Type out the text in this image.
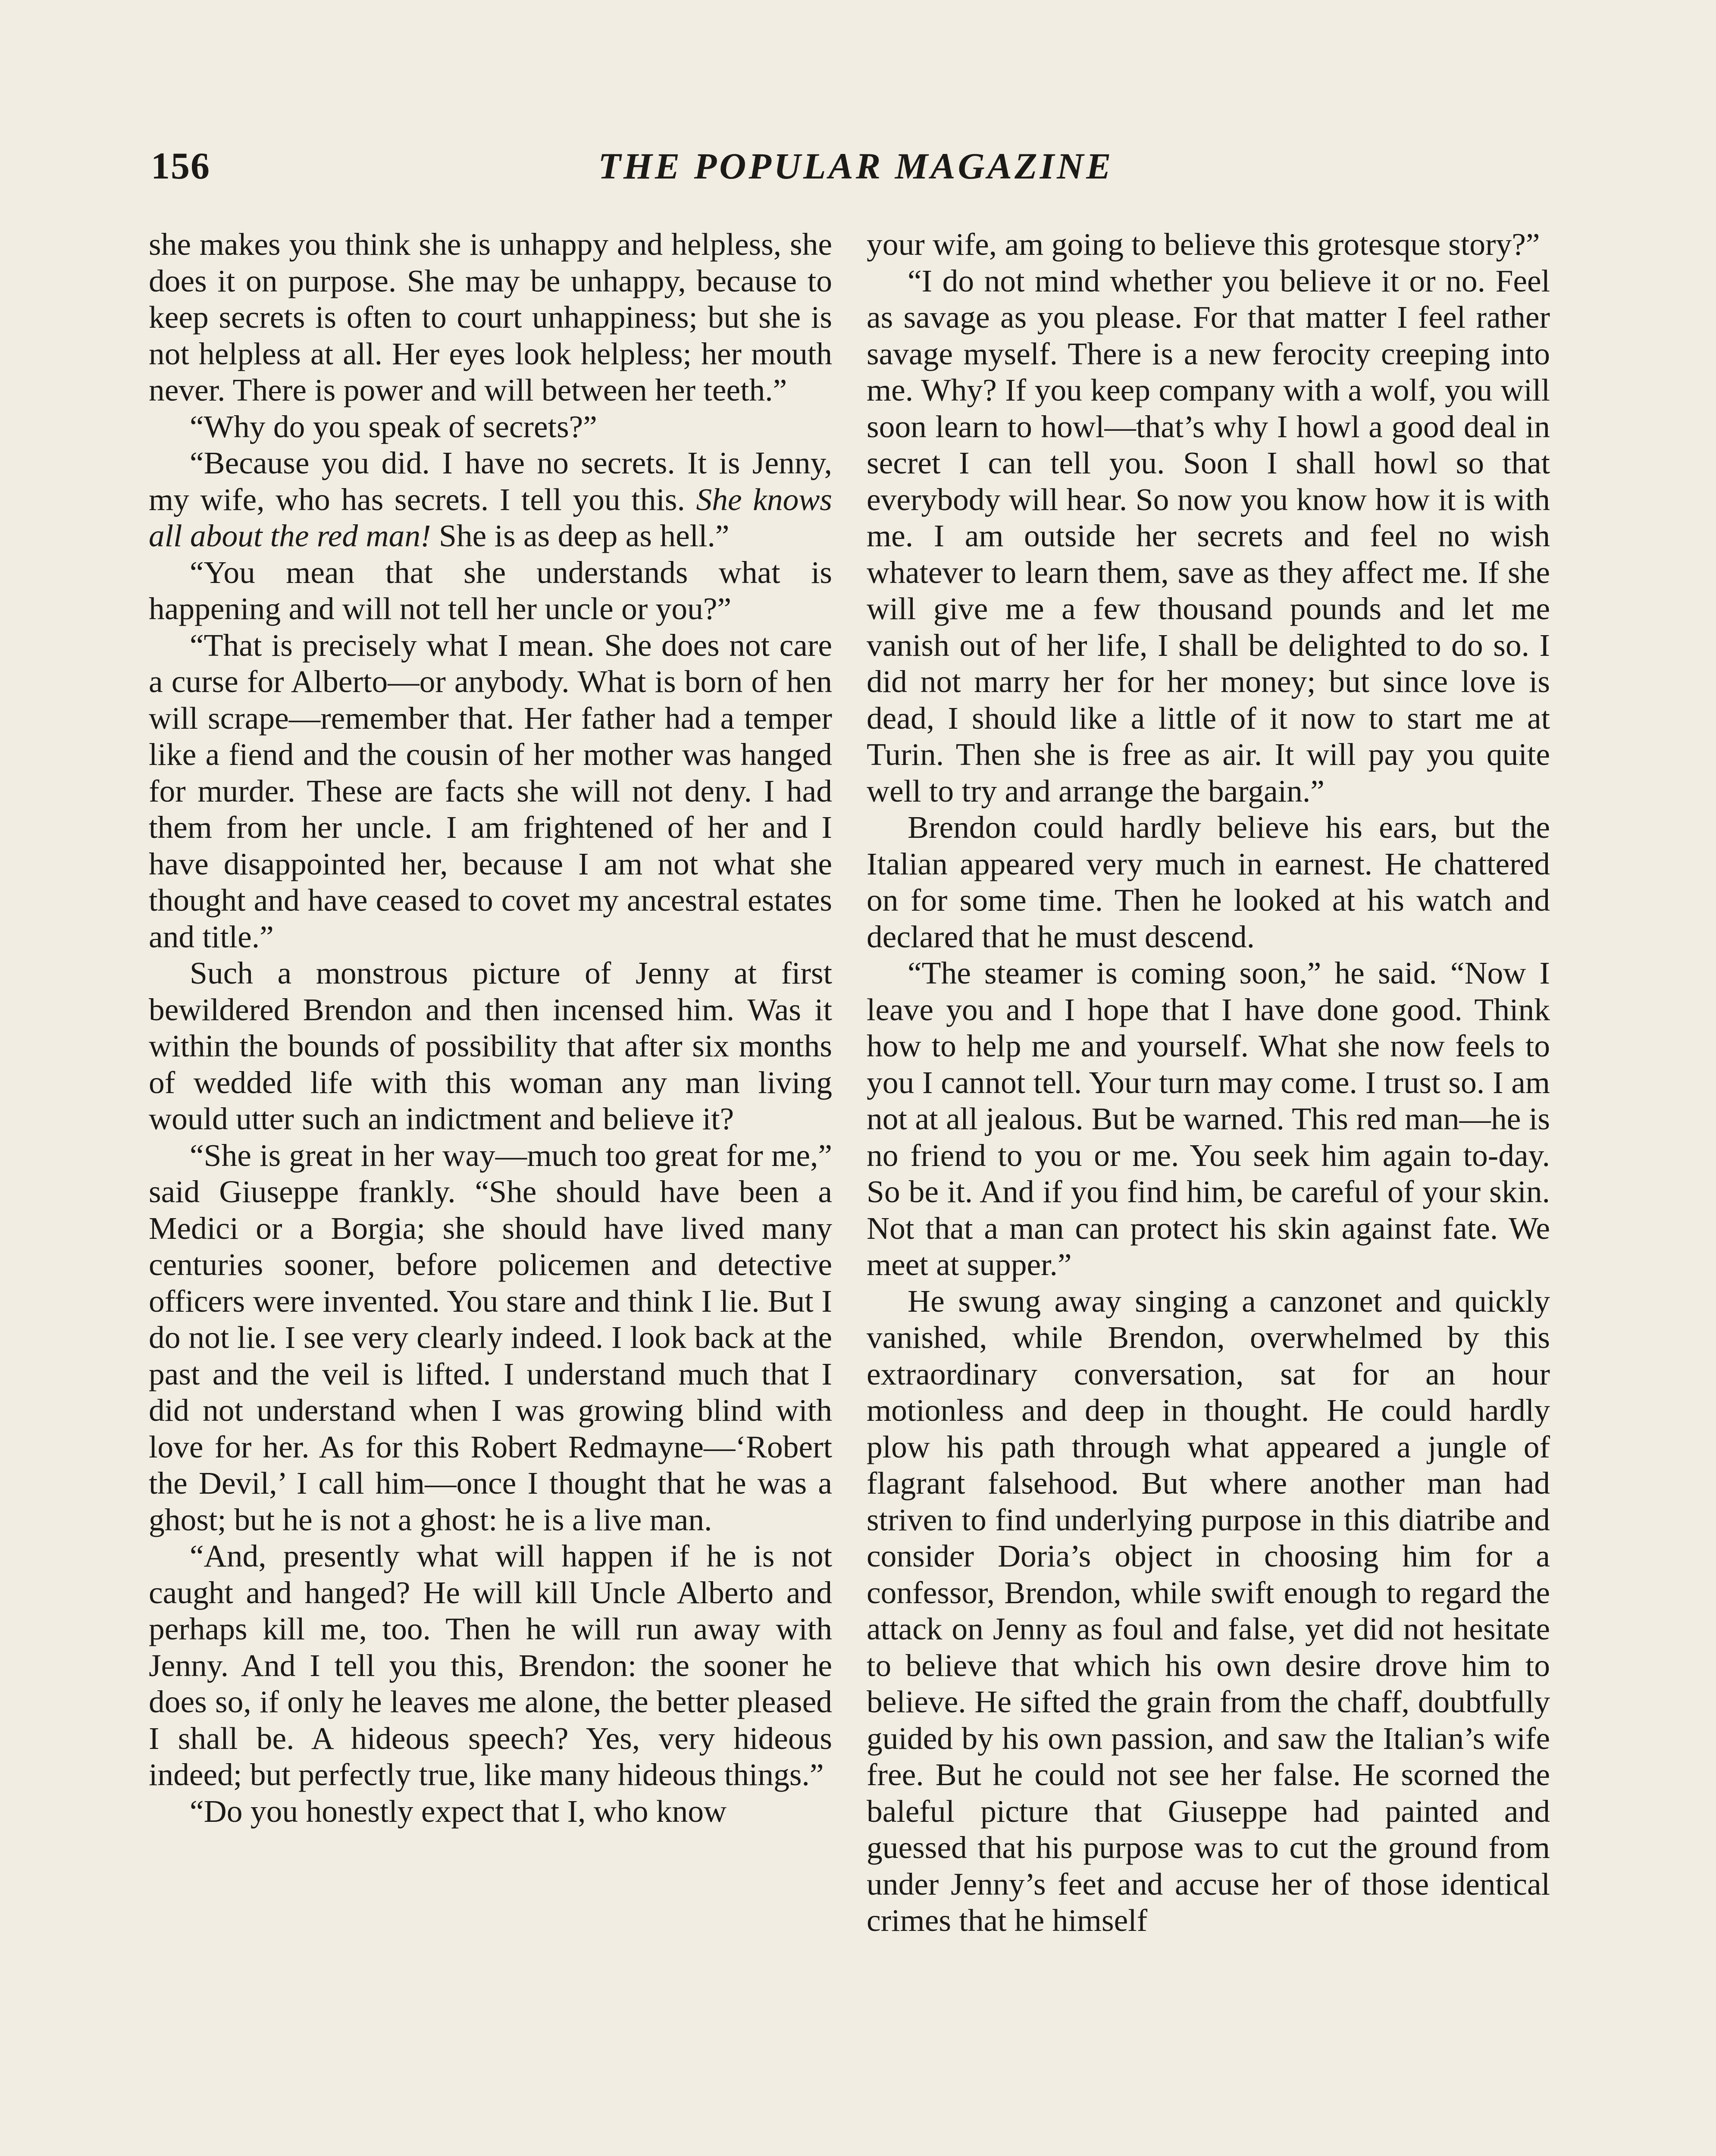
156	THE POPULAR MAGAZINE

she makes you think she is unhappy and helpless, she does it on purpose. She may be unhappy, because to keep secrets is often to court unhappiness; but she is not helpless at all. Her eyes look helpless; her mouth never. There is power and will between her teeth.”

“Why do you speak of secrets?”

“Because you did. I have no secrets. It is Jenny, my wife, who has secrets. I tell you this. She knows all about the red man! She is as deep as hell.”

“You mean that she understands what is happening and will not tell her uncle or you?”

“That is precisely what I mean. She does not care a curse for Alberto—or anybody. What is born of hen will scrape—remember that. Her father had a temper like a fiend and the cousin of her mother was hanged for murder. These are facts she will not deny. I had them from her uncle. I am frightened of her and I have disappointed her, because I am not what she thought and have ceased to covet my ancestral estates and title.”

Such a monstrous picture of Jenny at first bewildered Brendon and then incensed him. Was it within the bounds of possibility that after six months of wedded life with this woman any man living would utter such an indictment and believe it?

“She is great in her way—much too great for me,” said Giuseppe frankly. “She should have been a Medici or a Borgia; she should have lived many centuries sooner, before policemen and detective officers were invented. You stare and think I lie. But I do not lie. I see very clearly indeed. I look back at the past and the veil is lifted. I understand much that I did not understand when I was growing blind with love for her. As for this Robert Redmayne—‘Robert the Devil,’ I call him—once I thought that he was a ghost; but he is not a ghost: he is a live man.

“And, presently what will happen if he is not caught and hanged? He will kill Uncle Alberto and perhaps kill me, too. Then he will run away with Jenny. And I tell you this, Brendon: the sooner he does so, if only he leaves me alone, the better pleased I shall be. A hideous speech? Yes, very hideous indeed; but perfectly true, like many hideous things.”

“Do you honestly expect that I, who know

your wife, am going to believe this grotesque story?”

“I do not mind whether you believe it or no. Feel as savage as you please. For that matter I feel rather savage myself. There is a new ferocity creeping into me. Why? If you keep company with a wolf, you will soon learn to howl—that’s why I howl a good deal in secret I can tell you. Soon I shall howl so that everybody will hear. So now you know how it is with me. I am outside her secrets and feel no wish whatever to learn them, save as they affect me. If she will give me a few thousand pounds and let me vanish out of her life, I shall be delighted to do so. I did not marry her for her money; but since love is dead, I should like a little of it now to start me at Turin. Then she is free as air. It will pay you quite well to try and arrange the bargain.”

Brendon could hardly believe his ears, but the Italian appeared very much in earnest. He chattered on for some time. Then he looked at his watch and declared that he must descend.

“The steamer is coming soon,” he said. “Now I leave you and I hope that I have done good. Think how to help me and yourself. What she now feels to you I cannot tell. Your turn may come. I trust so. I am not at all jealous. But be warned. This red man—he is no friend to you or me. You seek him again to-day. So be it. And if you find him, be careful of your skin. Not that a man can protect his skin against fate. We meet at supper.”

He swung away singing a canzonet and quickly vanished, while Brendon, overwhelmed by this extraordinary conversation, sat for an hour motionless and deep in thought. He could hardly plow his path through what appeared a jungle of flagrant falsehood. But where another man had striven to find underlying purpose in this diatribe and consider Doria’s object in choosing him for a confessor, Brendon, while swift enough to regard the attack on Jenny as foul and false, yet did not hesitate to believe that which his own desire drove him to believe. He sifted the grain from the chaff, doubtfully guided by his own passion, and saw the Italian’s wife free. But he could not see her false. He scorned the baleful picture that Giuseppe had painted and guessed that his purpose was to cut the ground from under Jenny’s feet and accuse her of those identical crimes that he himself
